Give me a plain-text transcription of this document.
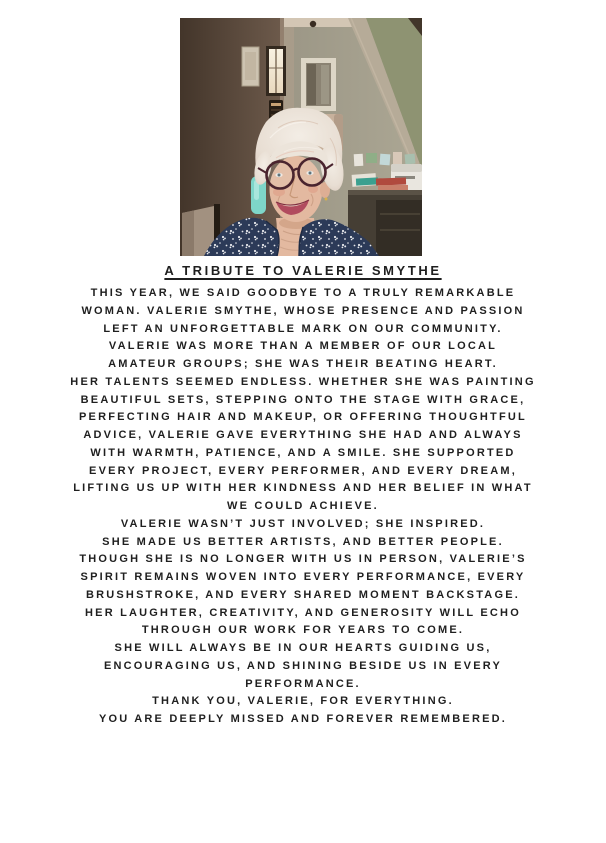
A TRIBUTE TO VALERIE SMYTHE
THIS YEAR, WE SAID GOODBYE TO A TRULY REMARKABLE
WOMAN. VALERIE SMYTHE, WHOSE PRESENCE AND PASSION
LEFT AN UNFORGETTABLE MARK ON OUR COMMUNITY.
VALERIE WAS MORE THAN A MEMBER OF OUR LOCAL
AMATEUR GROUPS; SHE WAS THEIR BEATING HEART.
HER TALENTS SEEMED ENDLESS. WHETHER SHE WAS PAINTING
BEAUTIFUL SETS, STEPPING ONTO THE STAGE WITH GRACE,
PERFECTING HAIR AND MAKEUP, OR OFFERING THOUGHTFUL
ADVICE, VALERIE GAVE EVERYTHING SHE HAD AND ALWAYS
WITH WARMTH, PATIENCE, AND A SMILE. SHE SUPPORTED
EVERY PROJECT, EVERY PERFORMER, AND EVERY DREAM,
LIFTING US UP WITH HER KINDNESS AND HER BELIEF IN WHAT
WE COULD ACHIEVE.
VALERIE WASN’T JUST INVOLVED; SHE INSPIRED.
SHE MADE US BETTER ARTISTS, AND BETTER PEOPLE.
THOUGH SHE IS NO LONGER WITH US IN PERSON, VALERIE’S
SPIRIT REMAINS WOVEN INTO EVERY PERFORMANCE, EVERY
BRUSHSTROKE, AND EVERY SHARED MOMENT BACKSTAGE.
HER LAUGHTER, CREATIVITY, AND GENEROSITY WILL ECHO
THROUGH OUR WORK FOR YEARS TO COME.
SHE WILL ALWAYS BE IN OUR HEARTS GUIDING US,
ENCOURAGING US, AND SHINING BESIDE US IN EVERY
PERFORMANCE.
THANK YOU, VALERIE, FOR EVERYTHING.
YOU ARE DEEPLY MISSED AND FOREVER REMEMBERED.
